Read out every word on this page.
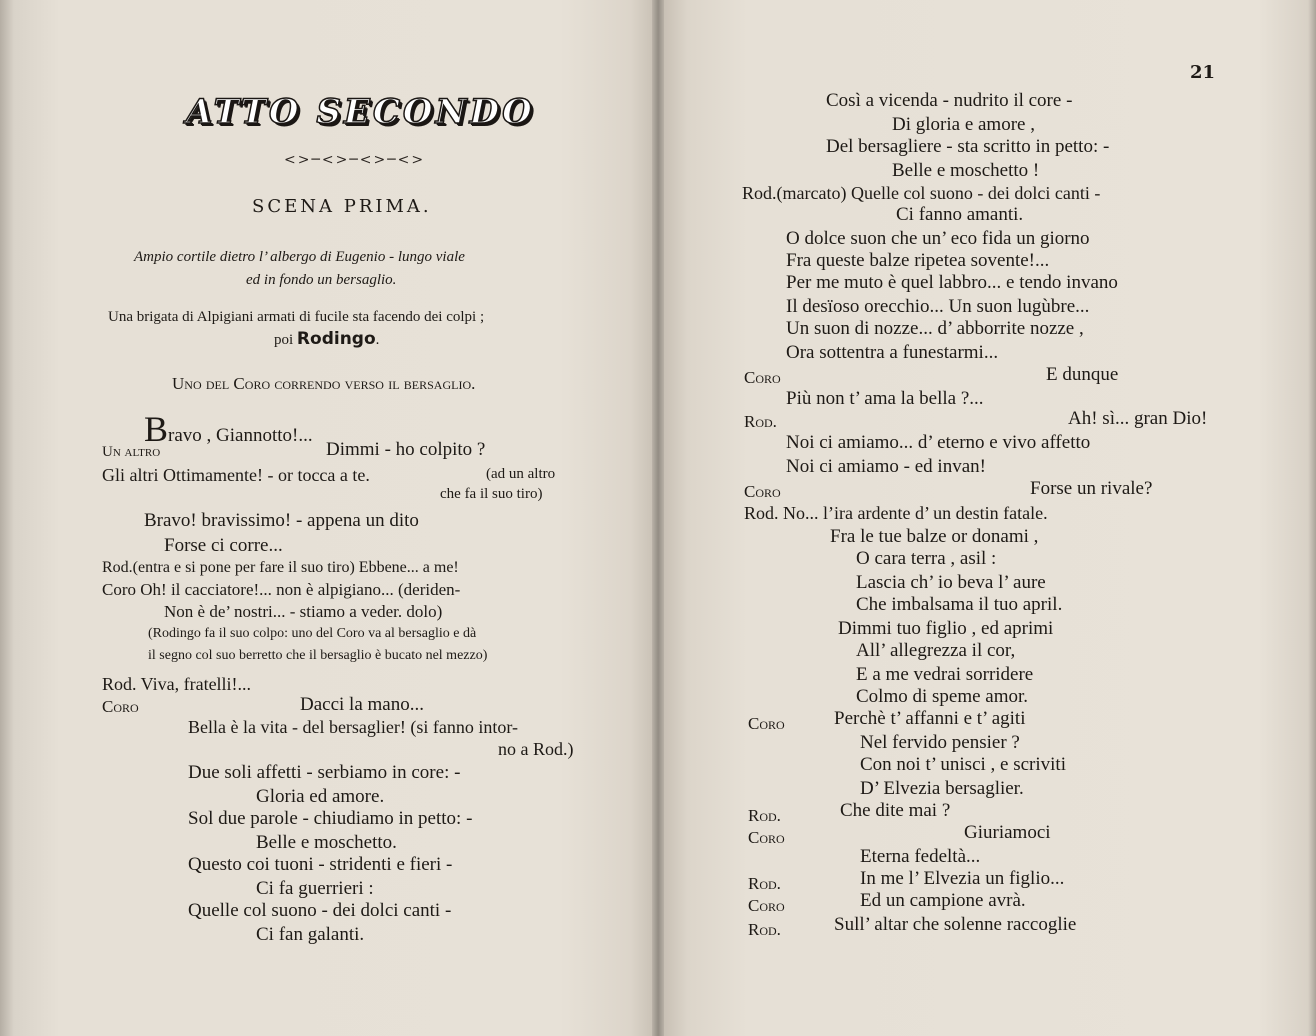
ATTO SECONDO
<>─<>─<>─<>
SCENA PRIMA.
Ampio cortile dietro l’ albergo di Eugenio - lungo viale
ed in fondo un bersaglio.
Una brigata di Alpigiani armati di fucile sta facendo dei colpi ;
poi Rodingo.
Uno del Coro correndo verso il bersaglio.
Bravo , Giannotto!...
Un altro	Dimmi - ho colpito ?
Gli altri Ottimamente! - or tocca a te.	(ad un altro
che fa il suo tiro)
Bravo! bravissimo! - appena un dito
Forse ci corre...
Rod.(entra e si pone per fare il suo tiro) Ebbene... a me!
Coro Oh! il cacciatore!... non è alpigiano... (deriden-
Non è de’ nostri... - stiamo a veder. dolo)
(Rodingo fa il suo colpo: uno del Coro va al bersaglio e dà
il segno col suo berretto che il bersaglio è bucato nel mezzo)
Rod. Viva, fratelli!...
Coro	Dacci la mano...
Bella è la vita - del bersaglier! (si fanno intor-
no a Rod.)
Due soli affetti - serbiamo in core: -
Gloria ed amore.
Sol due parole - chiudiamo in petto: -
Belle e moschetto.
Questo coi tuoni - stridenti e fieri -
Ci fa guerrieri :
Quelle col suono - dei dolci canti -
Ci fan galanti.
21
Così a vicenda - nudrito il core -
Di gloria e amore ,
Del bersagliere - sta scritto in petto: -
Belle e moschetto !
Rod.(marcato) Quelle col suono - dei dolci canti -
Ci fanno amanti.
O dolce suon che un’ eco fida un giorno
Fra queste balze ripetea sovente!...
Per me muto è quel labbro... e tendo invano
Il desïoso orecchio... Un suon lugùbre...
Un suon di nozze... d’ abborrite nozze ,
Ora sottentra a funestarmi...
Coro	E dunque
Più non t’ ama la bella ?...
Rod.	Ah! sì... gran Dio!
Noi ci amiamo... d’ eterno e vivo affetto
Noi ci amiamo - ed invan!
Coro	Forse un rivale?
Rod. No... l’ira ardente d’ un destin fatale.
Fra le tue balze or donami ,
O cara terra , asil :
Lascia ch’ io beva l’ aure
Che imbalsama il tuo april.
Dimmi tuo figlio , ed aprimi
All’ allegrezza il cor,
E a me vedrai sorridere
Colmo di speme amor.
Coro	Perchè t’ affanni e t’ agiti
Nel fervido pensier ?
Con noi t’ unisci , e scriviti
D’ Elvezia bersaglier.
Rod.	Che dite mai ?
Coro	Giuriamoci
Eterna fedeltà...
Rod.	In me l’ Elvezia un figlio...
Coro	Ed un campione avrà.
Rod.	Sull’ altar che solenne raccoglie
